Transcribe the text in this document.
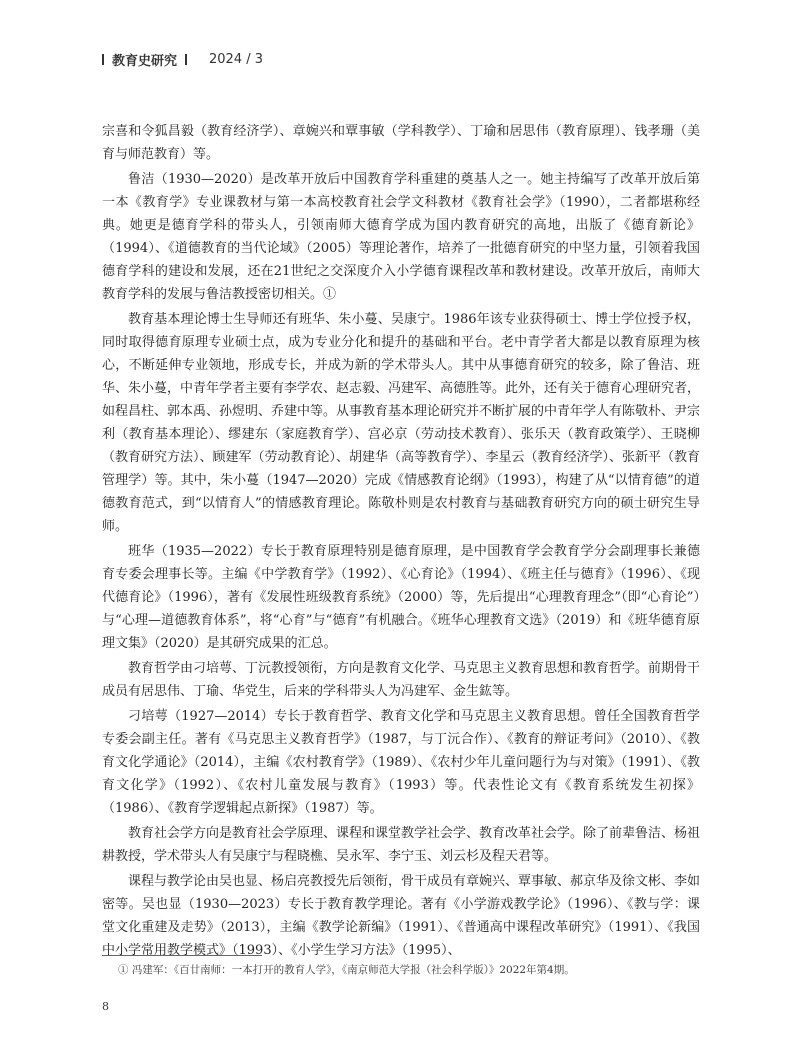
教育史研究 2024 / 3

宗喜和令狐昌毅（教育经济学）、章婉兴和覃事敏（学科教学）、丁瑜和居思伟（教育原理）、钱孝珊（美育与师范教育）等。

鲁洁（1930—2020）是改革开放后中国教育学科重建的奠基人之一。她主持编写了改革开放后第一本《教育学》专业课教材与第一本高校教育社会学文科教材《教育社会学》（1990），二者都堪称经典。她更是德育学科的带头人，引领南师大德育学成为国内教育研究的高地，出版了《德育新论》（1994）、《道德教育的当代论域》（2005）等理论著作，培养了一批德育研究的中坚力量，引领着我国德育学科的建设和发展，还在21世纪之交深度介入小学德育课程改革和教材建设。改革开放后，南师大教育学科的发展与鲁洁教授密切相关。①

教育基本理论博士生导师还有班华、朱小蔓、吴康宁。1986年该专业获得硕士、博士学位授予权，同时取得德育原理专业硕士点，成为专业分化和提升的基础和平台。老中青学者大都是以教育原理为核心，不断延伸专业领地，形成专长，并成为新的学术带头人。其中从事德育研究的较多，除了鲁洁、班华、朱小蔓，中青年学者主要有李学农、赵志毅、冯建军、高德胜等。此外，还有关于德育心理研究者，如程昌柱、郭本禹、孙煜明、乔建中等。从事教育基本理论研究并不断扩展的中青年学人有陈敬朴、尹宗利（教育基本理论）、缪建东（家庭教育学）、宫必京（劳动技术教育）、张乐天（教育政策学）、王晓柳（教育研究方法）、顾建军（劳动教育论）、胡建华（高等教育学）、李星云（教育经济学）、张新平（教育管理学）等。其中，朱小蔓（1947—2020）完成《情感教育论纲》（1993），构建了从“以情育德”的道德教育范式，到“以情育人”的情感教育理论。陈敬朴则是农村教育与基础教育研究方向的硕士研究生导师。

班华（1935—2022）专长于教育原理特别是德育原理，是中国教育学会教育学分会副理事长兼德育专委会理事长等。主编《中学教育学》（1992）、《心育论》（1994）、《班主任与德育》（1996）、《现代德育论》（1996），著有《发展性班级教育系统》（2000）等，先后提出“心理教育理念”（即“心育论”）与“心理—道德教育体系”，将“心育”与“德育”有机融合。《班华心理教育文选》（2019）和《班华德育原理文集》（2020）是其研究成果的汇总。

教育哲学由刁培萼、丁沅教授领衔，方向是教育文化学、马克思主义教育思想和教育哲学。前期骨干成员有居思伟、丁瑜、华党生，后来的学科带头人为冯建军、金生鈜等。

刁培萼（1927—2014）专长于教育哲学、教育文化学和马克思主义教育思想。曾任全国教育哲学专委会副主任。著有《马克思主义教育哲学》（1987，与丁沅合作）、《教育的辩证考问》（2010）、《教育文化学通论》（2014），主编《农村教育学》（1989）、《农村少年儿童问题行为与对策》（1991）、《教育文化学》（1992）、《农村儿童发展与教育》（1993）等。代表性论文有《教育系统发生初探》（1986）、《教育学逻辑起点新探》（1987）等。

教育社会学方向是教育社会学原理、课程和课堂教学社会学、教育改革社会学。除了前辈鲁洁、杨祖耕教授，学术带头人有吴康宁与程晓樵、吴永军、李宁玉、刘云杉及程天君等。

课程与教学论由吴也显、杨启亮教授先后领衔，骨干成员有章婉兴、覃事敏、郝京华及徐文彬、李如密等。吴也显（1930—2023）专长于教育教学理论。著有《小学游戏教学论》（1996）、《教与学：课堂文化重建及走势》（2013），主编《教学论新编》（1991）、《普通高中课程改革研究》（1991）、《我国中小学常用教学模式》（1993）、《小学生学习方法》（1995）、

① 冯建军：《百廿南师：一本打开的教育人学》，《南京师范大学报（社会科学版）》2022年第4期。
8
